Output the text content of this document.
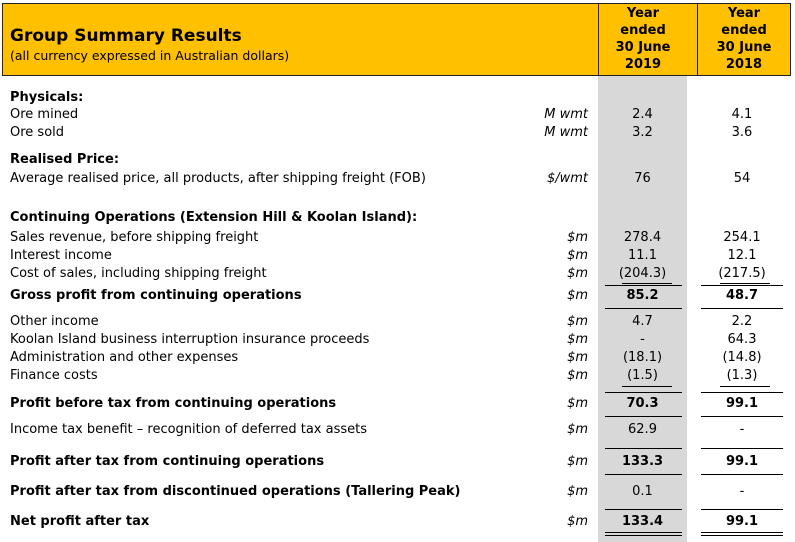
Group Summary Results
(all currency expressed in Australian dollars)
Year
ended
30 June
2019
Year
ended
30 June
2018
Physicals:
Ore mined	M wmt	2.4	4.1
Ore sold	M wmt	3.2	3.6
Realised Price:
Average realised price, all products, after shipping freight (FOB)	$/wmt	76	54
Continuing Operations (Extension Hill & Koolan Island):
Sales revenue, before shipping freight	$m	278.4	254.1
Interest income	$m	11.1	12.1
Cost of sales, including shipping freight	$m	(204.3)	(217.5)
Gross profit from continuing operations	$m	85.2	48.7
Other income	$m	4.7	2.2
Koolan Island business interruption insurance proceeds	$m	-	64.3
Administration and other expenses	$m	(18.1)	(14.8)
Finance costs	$m	(1.5)	(1.3)
Profit before tax from continuing operations	$m	70.3	99.1
Income tax benefit – recognition of deferred tax assets	$m	62.9	-
Profit after tax from continuing operations	$m	133.3	99.1
Profit after tax from discontinued operations (Tallering Peak)	$m	0.1	-
Net profit after tax	$m	133.4	99.1
